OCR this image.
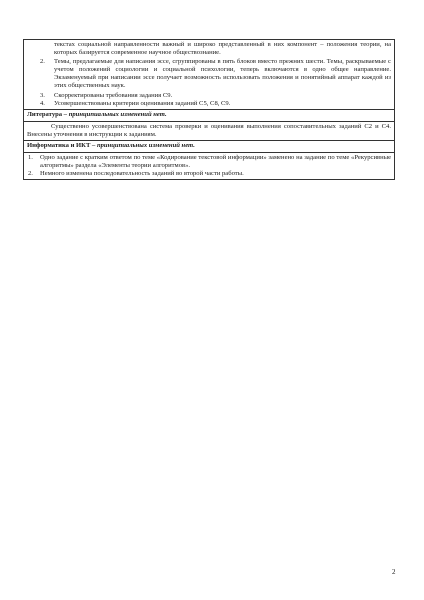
текстах социальной направленности важный и широко представленный в них компонент – положения теории, на которых базируется современное научное обществознание.
2.	Темы, предлагаемые для написания эссе, сгруппированы в пять блоков вместо прежних шести. Темы, раскрываемые с учетом положений социологии и социальной психологии, теперь включаются в одно общее направление. Экзаменуемый при написании эссе получает возможность использовать положения и понятийный аппарат каждой из этих общественных наук.
3.	Скорректированы требования задания С9.
4.	Усовершенствованы критерии оценивания заданий С5, С8, С9.

Литература – принципиальных изменений нет.

Существенно усовершенствована система проверки и оценивания выполнения сопоставительных заданий С2 и С4. Внесены уточнения в инструкции к заданиям.

Информатика и ИКТ – принципиальных изменений нет.

1.	Одно задание с кратким ответом по теме «Кодирование текстовой информации» заменено на задание по теме «Рекурсивные алгоритмы» раздела «Элементы теории алгоритмов».
2.	Немного изменена последовательность заданий во второй части работы.
2
